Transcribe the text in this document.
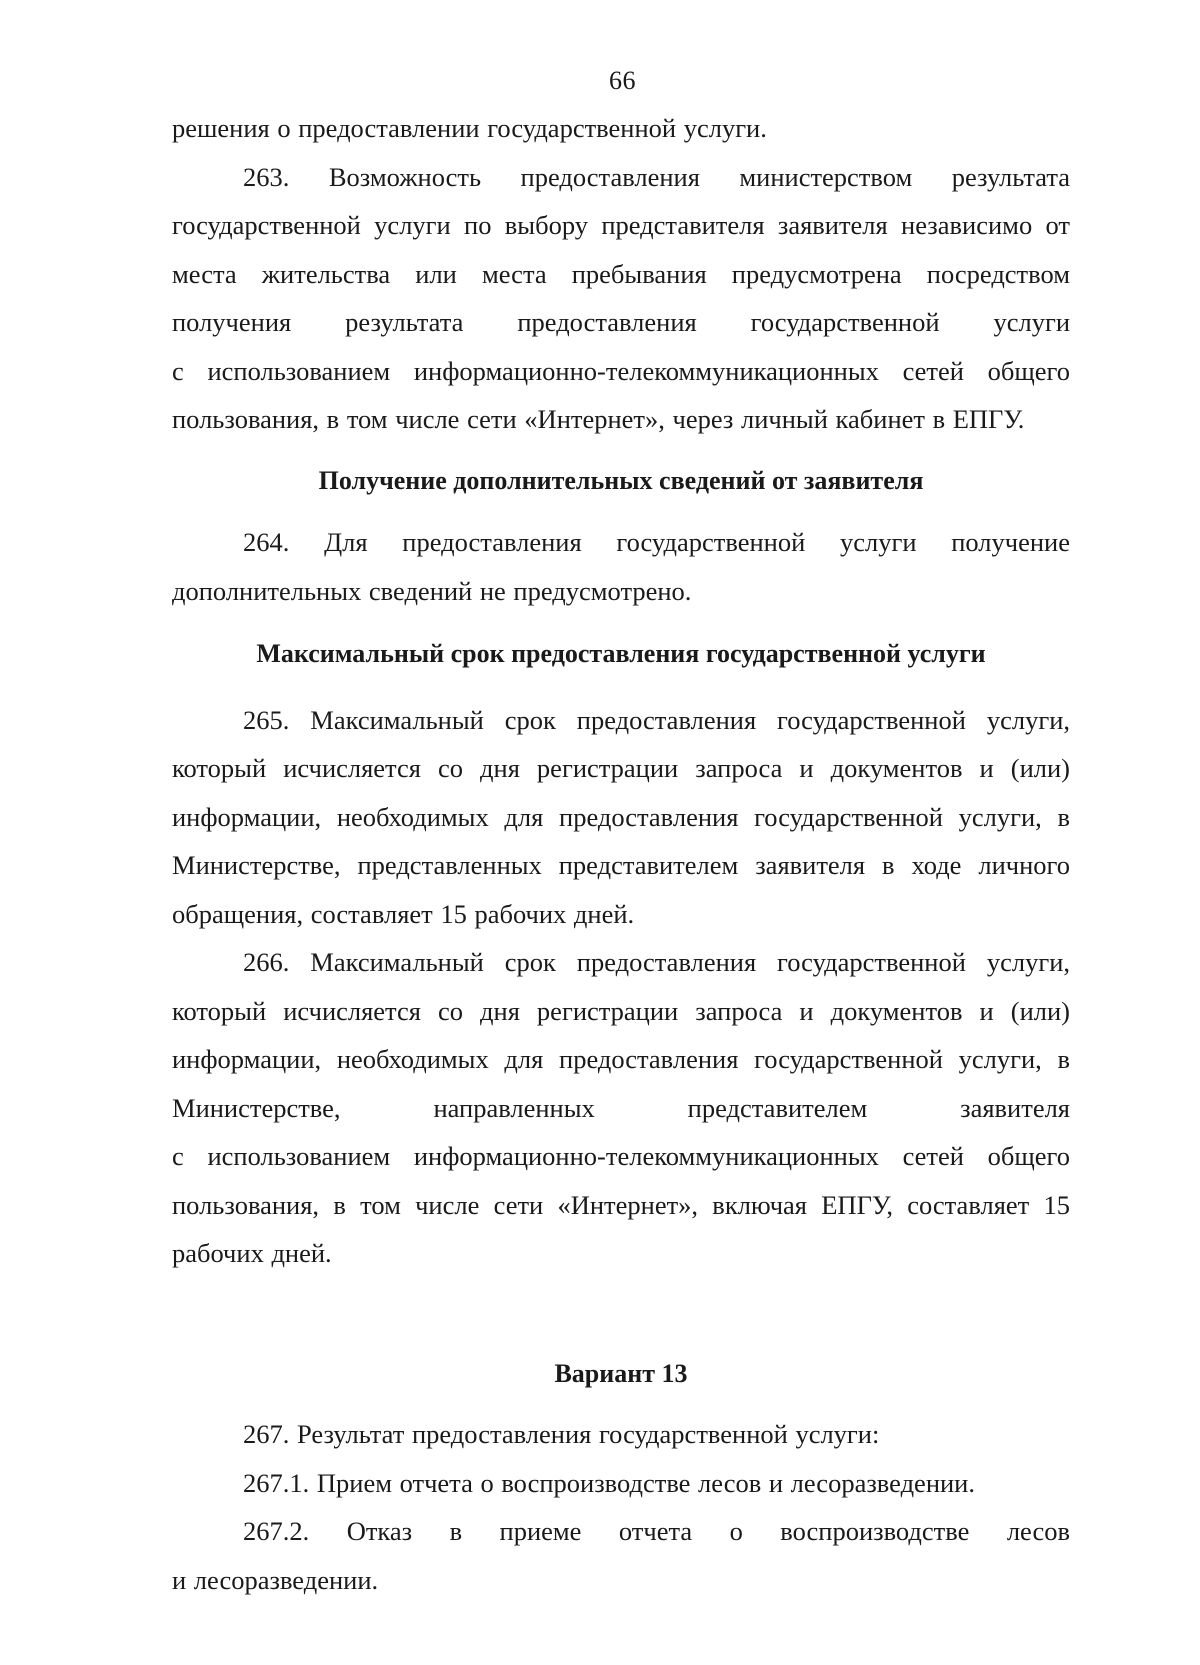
66

решения о предоставлении государственной услуги.

263. Возможность предоставления министерством результата

государственной услуги по выбору представителя заявителя независимо от места жительства или места пребывания предусмотрена посредством получения результата предоставления государственной услуги

с использованием информационно-телекоммуникационных сетей общего пользования, в том числе сети «Интернет», через личный кабинет в ЕПГУ.

Получение дополнительных сведений от заявителя

264. Для предоставления государственной услуги получение дополнительных сведений не предусмотрено.

Максимальный срок предоставления государственной услуги

265. Максимальный срок предоставления государственной услуги, который исчисляется со дня регистрации запроса и документов и (или) информации, необходимых для предоставления государственной услуги, в Министерстве, представленных представителем заявителя в ходе личного обращения, составляет 15 рабочих дней.

266. Максимальный срок предоставления государственной услуги, который исчисляется со дня регистрации запроса и документов и (или) информации, необходимых для предоставления государственной услуги, в Министерстве, направленных представителем заявителя

с использованием информационно-телекоммуникационных сетей общего пользования, в том числе сети «Интернет», включая ЕПГУ, составляет 15 рабочих дней.

Вариант 13

267. Результат предоставления государственной услуги:

267.1. Прием отчета о воспроизводстве лесов и лесоразведении.

267.2. Отказ в приеме отчета о воспроизводстве лесов

и лесоразведении.
